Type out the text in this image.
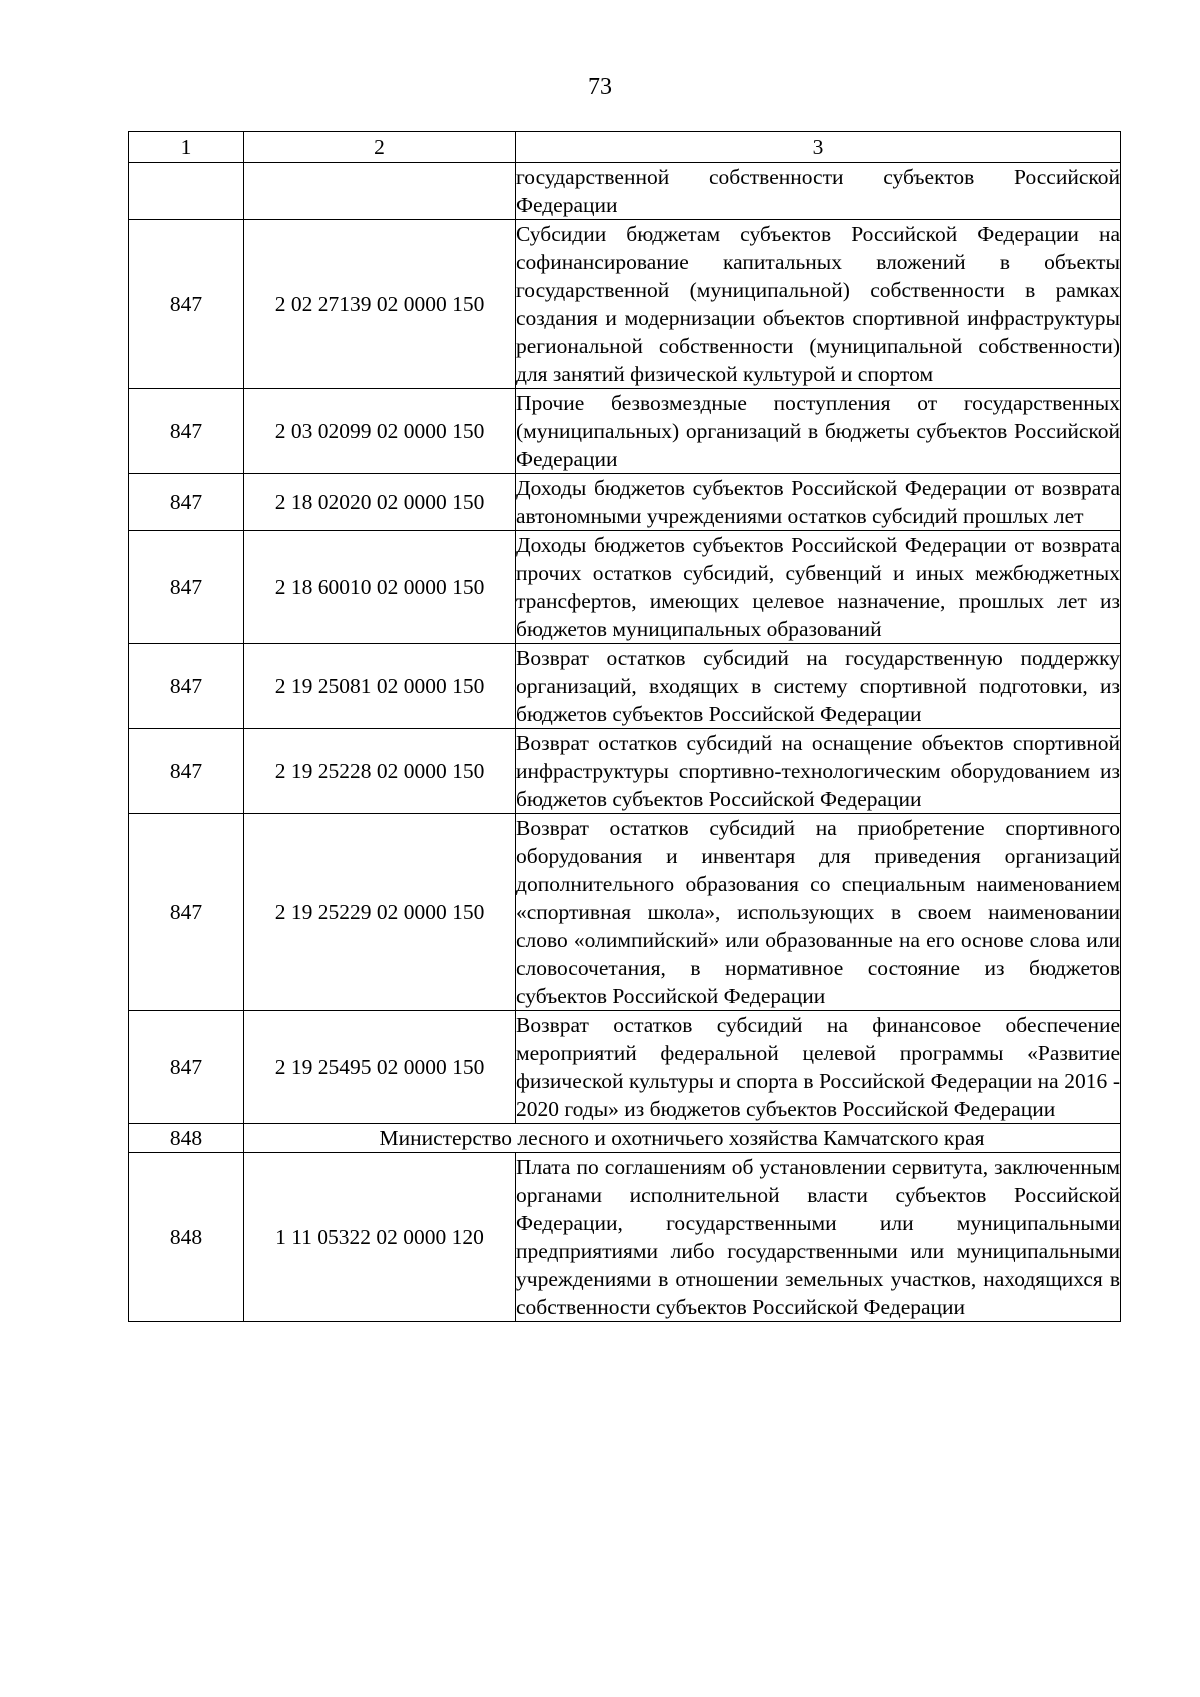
73
1	2	3
		государственной собственности субъектов Российской Федерации
847	2 02 27139 02 0000 150	Субсидии бюджетам субъектов Российской Федерации на софинансирование капитальных вложений в объекты государственной (муниципальной) собственности в рамках создания и модернизации объектов спортивной инфраструктуры региональной собственности (муниципальной собственности) для занятий физической культурой и спортом
847	2 03 02099 02 0000 150	Прочие безвозмездные поступления от государственных (муниципальных) организаций в бюджеты субъектов Российской Федерации
847	2 18 02020 02 0000 150	Доходы бюджетов субъектов Российской Федерации от возврата автономными учреждениями остатков субсидий прошлых лет
847	2 18 60010 02 0000 150	Доходы бюджетов субъектов Российской Федерации от возврата прочих остатков субсидий, субвенций и иных межбюджетных трансфертов, имеющих целевое назначение, прошлых лет из бюджетов муниципальных образований
847	2 19 25081 02 0000 150	Возврат остатков субсидий на государственную поддержку организаций, входящих в систему спортивной подготовки, из бюджетов субъектов Российской Федерации
847	2 19 25228 02 0000 150	Возврат остатков субсидий на оснащение объектов спортивной инфраструктуры спортивно-технологическим оборудованием из бюджетов субъектов Российской Федерации
847	2 19 25229 02 0000 150	Возврат остатков субсидий на приобретение спортивного оборудования и инвентаря для приведения организаций дополнительного образования со специальным наименованием «спортивная школа», использующих в своем наименовании слово «олимпийский» или образованные на его основе слова или словосочетания, в нормативное состояние из бюджетов субъектов Российской Федерации
847	2 19 25495 02 0000 150	Возврат остатков субсидий на финансовое обеспечение мероприятий федеральной целевой программы «Развитие физической культуры и спорта в Российской Федерации на 2016 - 2020 годы» из бюджетов субъектов Российской Федерации
848	Министерство лесного и охотничьего хозяйства Камчатского края	
848	1 11 05322 02 0000 120	Плата по соглашениям об установлении сервитута, заключенным органами исполнительной власти субъектов Российской Федерации, государственными или муниципальными предприятиями либо государственными или муниципальными учреждениями в отношении земельных участков, находящихся в собственности субъектов Российской Федерации
